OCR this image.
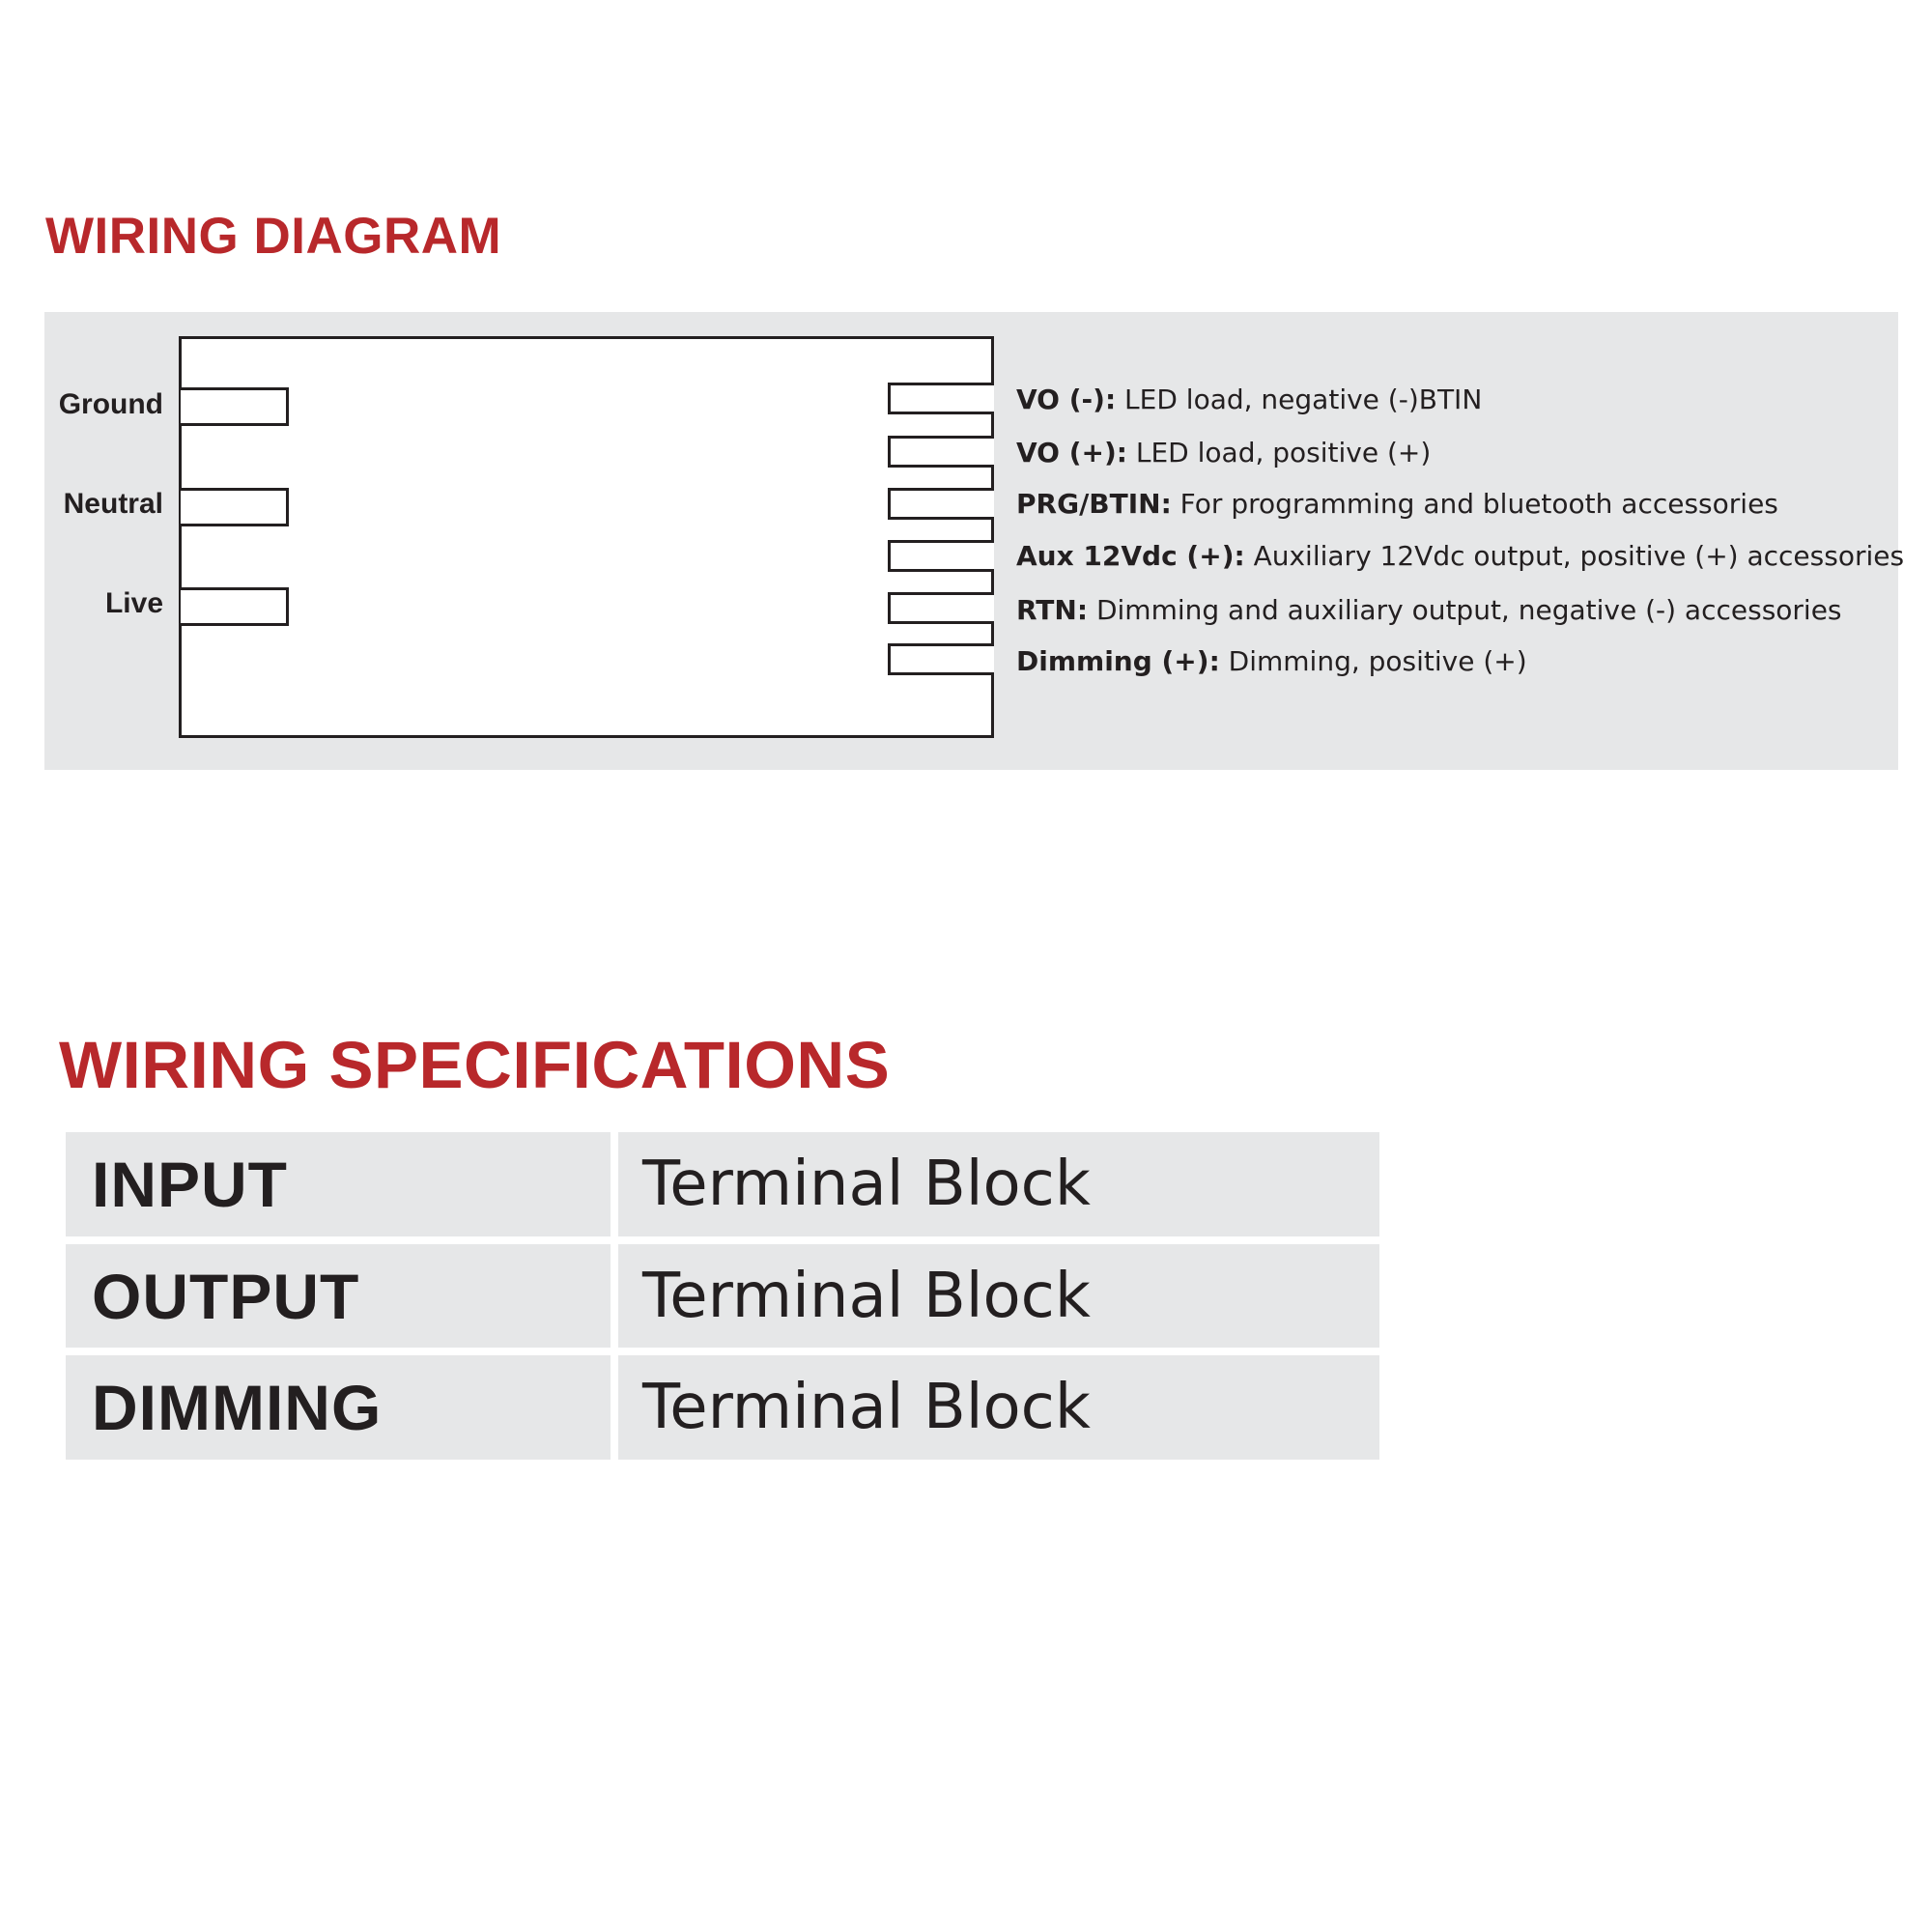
WIRING DIAGRAM
Ground
Neutral
Live
VO (-): LED load, negative (-)BTIN
VO (+): LED load, positive (+)
PRG/BTIN: For programming and bluetooth accessories
Aux 12Vdc (+): Auxiliary 12Vdc output, positive (+) accessories
RTN: Dimming and auxiliary output, negative (-) accessories
Dimming (+): Dimming, positive (+)
WIRING SPECIFICATIONS
INPUT	Terminal Block
OUTPUT	Terminal Block
DIMMING	Terminal Block
